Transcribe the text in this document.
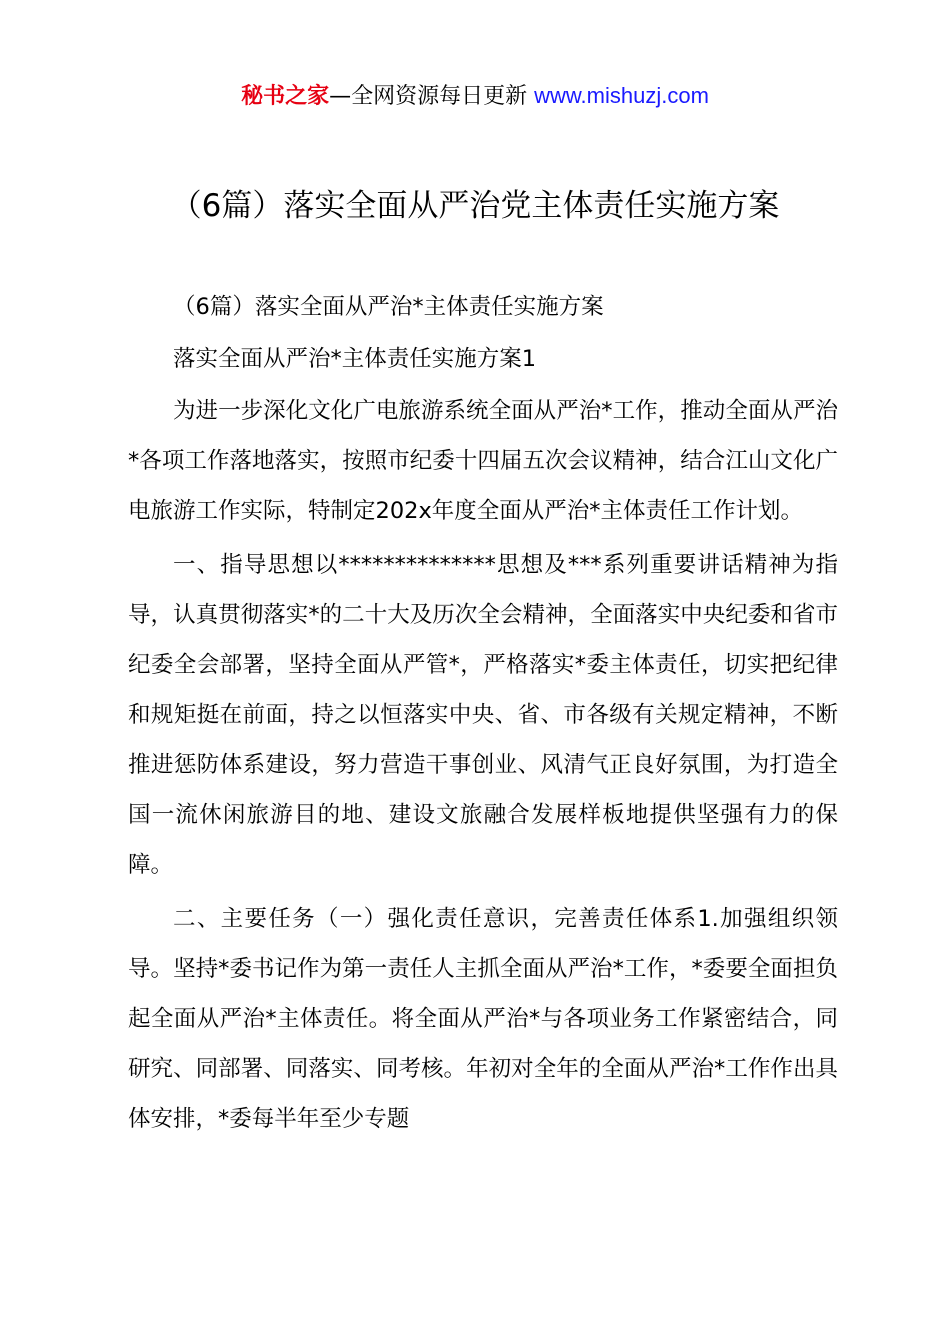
秘书之家—全网资源每日更新 www.mishuzj.com
（6篇）落实全面从严治党主体责任实施方案

（6篇）落实全面从严治*主体责任实施方案

落实全面从严治*主体责任实施方案1

为进一步深化文化广电旅游系统全面从严治*工作，推动全面从严治*各项工作落地落实，按照市纪委十四届五次会议精神，结合江山文化广电旅游工作实际，特制定202x年度全面从严治*主体责任工作计划。

一、指导思想以**************思想及***系列重要讲话精神为指导，认真贯彻落实*的二十大及历次全会精神，全面落实中央纪委和省市纪委全会部署，坚持全面从严管*，严格落实*委主体责任，切实把纪律和规矩挺在前面，持之以恒落实中央、省、市各级有关规定精神，不断推进惩防体系建设，努力营造干事创业、风清气正良好氛围，为打造全国一流休闲旅游目的地、建设文旅融合发展样板地提供坚强有力的保障。

二、主要任务（一）强化责任意识，完善责任体系1.加强组织领导。坚持*委书记作为第一责任人主抓全面从严治*工作，*委要全面担负起全面从严治*主体责任。将全面从严治*与各项业务工作紧密结合，同研究、同部署、同落实、同考核。年初对全年的全面从严治*工作作出具体安排，*委每半年至少专题
